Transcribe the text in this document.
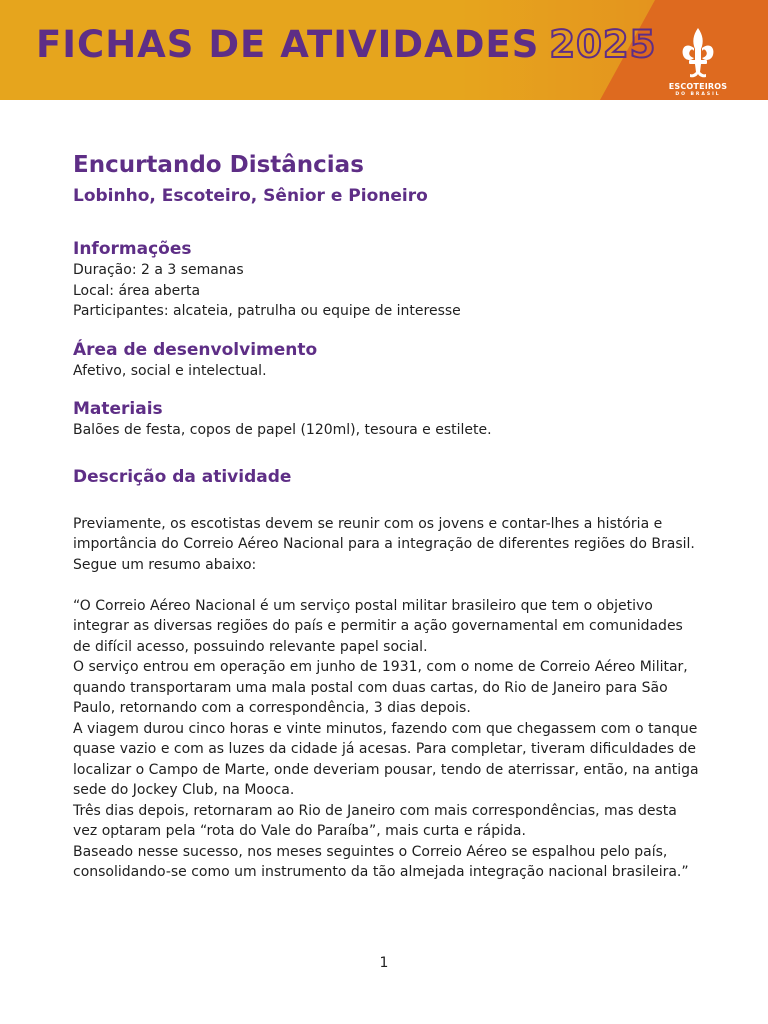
FICHAS DE ATIVIDADES 2025
ESCOTEIROS
DO BRASIL
Encurtando Distâncias
Lobinho, Escoteiro, Sênior e Pioneiro
Informações

Duração: 2 a 3 semanas

Local: área aberta

Participantes: alcateia, patrulha ou equipe de interesse

Área de desenvolvimento

Afetivo, social e intelectual.

Materiais

Balões de festa, copos de papel (120ml), tesoura e estilete.

Descrição da atividade

Previamente, os escotistas devem se reunir com os jovens e contar-lhes a história e importância do Correio Aéreo Nacional para a integração de diferentes regiões do Brasil. Segue um resumo abaixo:

“O Correio Aéreo Nacional é um serviço postal militar brasileiro que tem o objetivo integrar as diversas regiões do país e permitir a ação governamental em comunidades de difícil acesso, possuindo relevante papel social.

O serviço entrou em operação em junho de 1931, com o nome de Correio Aéreo Militar, quando transportaram uma mala postal com duas cartas, do Rio de Janeiro para São Paulo, retornando com a correspondência, 3 dias depois.

A viagem durou cinco horas e vinte minutos, fazendo com que chegassem com o tanque quase vazio e com as luzes da cidade já acesas. Para completar, tiveram dificuldades de localizar o Campo de Marte, onde deveriam pousar, tendo de aterrissar, então, na antiga sede do Jockey Club, na Mooca.

Três dias depois, retornaram ao Rio de Janeiro com mais correspondências, mas desta vez optaram pela “rota do Vale do Paraíba”, mais curta e rápida.

Baseado nesse sucesso, nos meses seguintes o Correio Aéreo se espalhou pelo país, consolidando-se como um instrumento da tão almejada integração nacional brasileira.”

1
